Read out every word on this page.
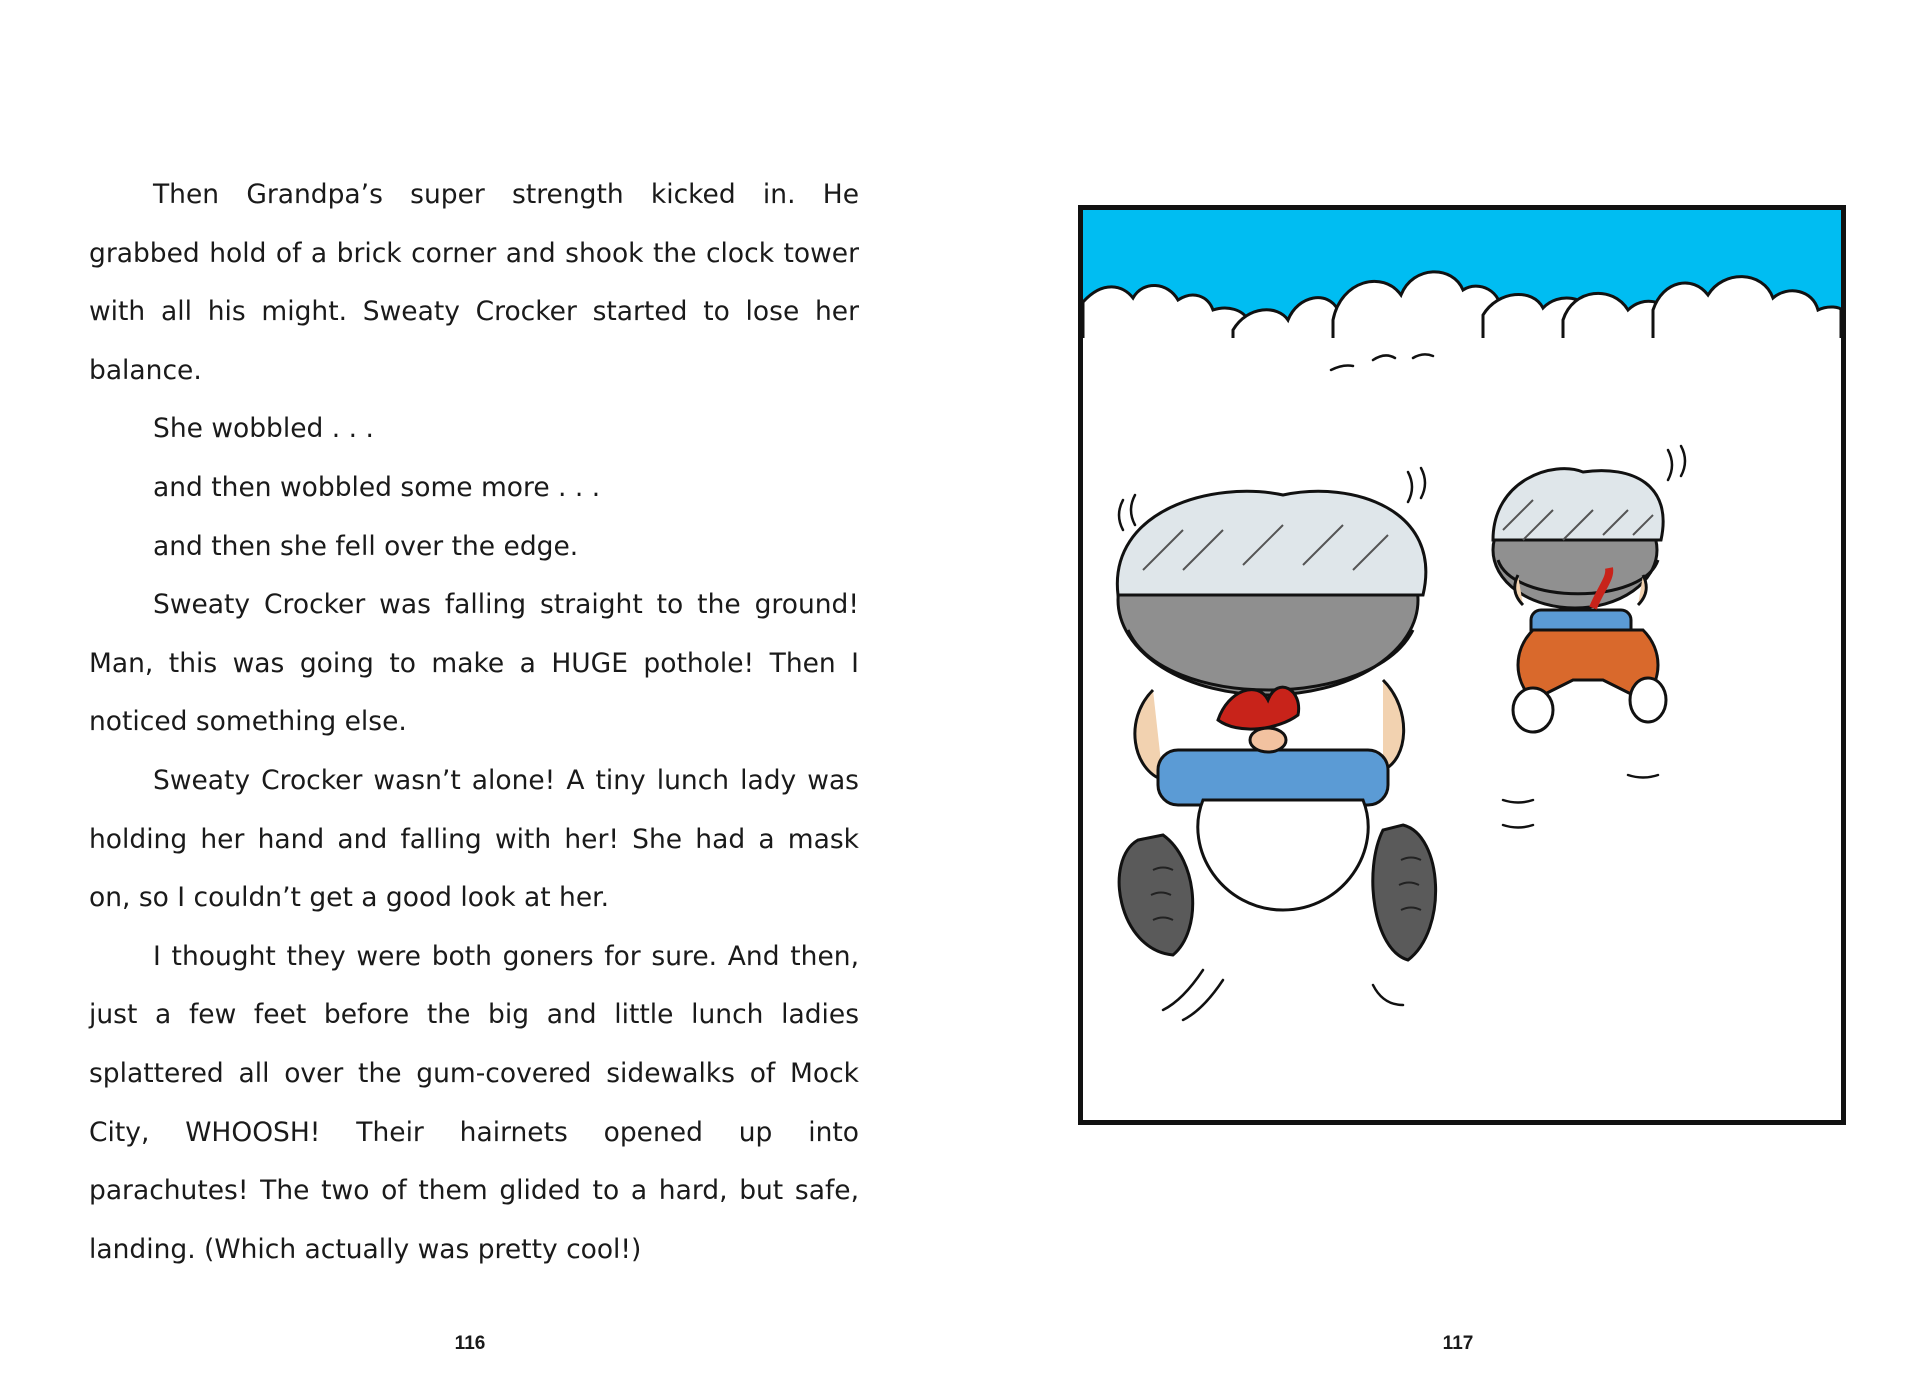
Then Grandpa’s super strength kicked in. He grabbed hold of a brick corner and shook the clock tower with all his might. Sweaty Crocker started to lose her balance.

She wobbled . . .

and then wobbled some more . . .

and then she fell over the edge.

Sweaty Crocker was falling straight to the ground! Man, this was going to make a HUGE pothole! Then I noticed something else.

Sweaty Crocker wasn’t alone! A tiny lunch lady was holding her hand and falling with her! She had a mask on, so I couldn’t get a good look at her.

I thought they were both goners for sure. And then, just a few feet before the big and little lunch ladies splattered all over the gum-covered sidewalks of Mock City, WHOOSH! Their hairnets opened up into parachutes! The two of them glided to a hard, but safe, landing. (Which actually was pretty cool!)

116	117
